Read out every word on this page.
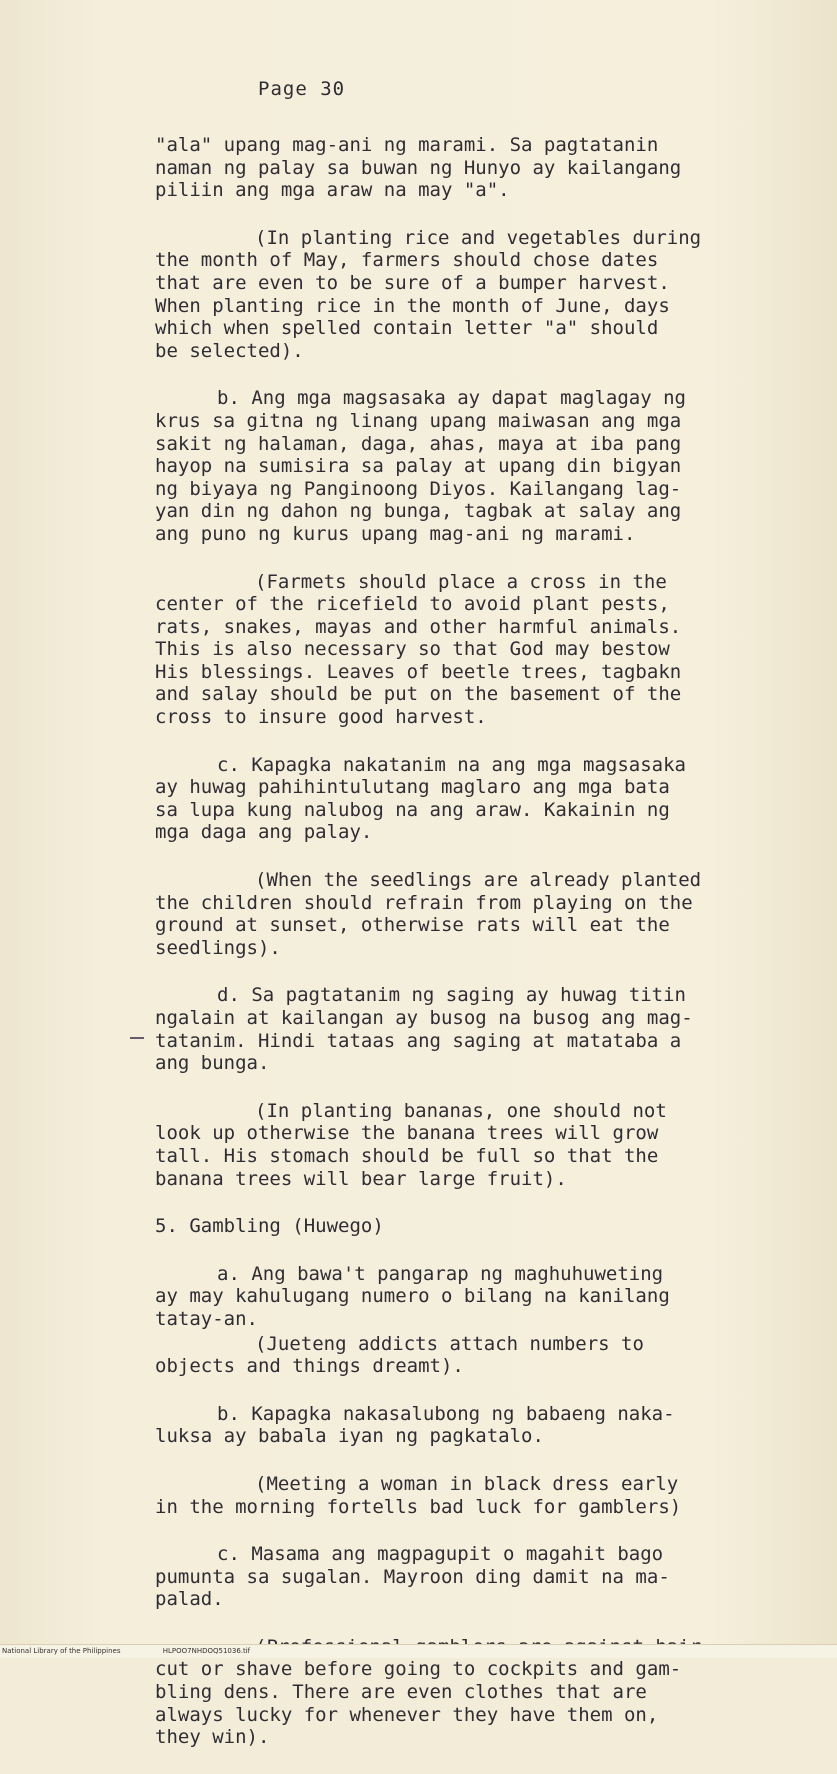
Page 30

"ala" upang mag-ani ng marami. Sa pagtatanin
naman ng palay sa buwan ng Hunyo ay kailangang
piliin ang mga araw na may "a".

(In planting rice and vegetables during
the month of May, farmers should chose dates
that are even to be sure of a bumper harvest.
When planting rice in the month of June, days
which when spelled contain letter "a" should
be selected).

b. Ang mga magsasaka ay dapat maglagay ng
krus sa gitna ng linang upang maiwasan ang mga
sakit ng halaman, daga, ahas, maya at iba pang
hayop na sumisira sa palay at upang din bigyan
ng biyaya ng Panginoong Diyos. Kailangang lag-
yan din ng dahon ng bunga, tagbak at salay ang
ang puno ng kurus upang mag-ani ng marami.

(Farmets should place a cross in the
center of the ricefield to avoid plant pests,
rats, snakes, mayas and other harmful animals.
This is also necessary so that God may bestow
His blessings. Leaves of beetle trees, tagbakn
and salay should be put on the basement of the
cross to insure good harvest.

c. Kapagka nakatanim na ang mga magsasaka
ay huwag pahihintulutang maglaro ang mga bata
sa lupa kung nalubog na ang araw. Kakainin ng
mga daga ang palay.

(When the seedlings are already planted
the children should refrain from playing on the
ground at sunset, otherwise rats will eat the
seedlings).

d. Sa pagtatanim ng saging ay huwag titin
ngalain at kailangan ay busog na busog ang mag-
tatanim. Hindi tataas ang saging at matataba a
ang bunga.

(In planting bananas, one should not
look up otherwise the banana trees will grow
tall. His stomach should be full so that the
banana trees will bear large fruit).

5. Gambling (Huwego)

a. Ang bawa't pangarap ng maghuhuweting
ay may kahulugang numero o bilang na kanilang
tatay-an.

(Jueteng addicts attach numbers to
objects and things dreamt).

b. Kapagka nakasalubong ng babaeng naka-
luksa ay babala iyan ng pagkatalo.

(Meeting a woman in black dress early
in the morning fortells bad luck for gamblers)

c. Masama ang magpagupit o magahit bago
pumunta sa sugalan. Mayroon ding damit na ma-
palad.

cut or shave before going to cockpits and gam-
bling dens. There are even clothes that are
always lucky for whenever they have them on,
they win).

National Library of the Philippines	HLPOO7NHDOQ51036.tif
